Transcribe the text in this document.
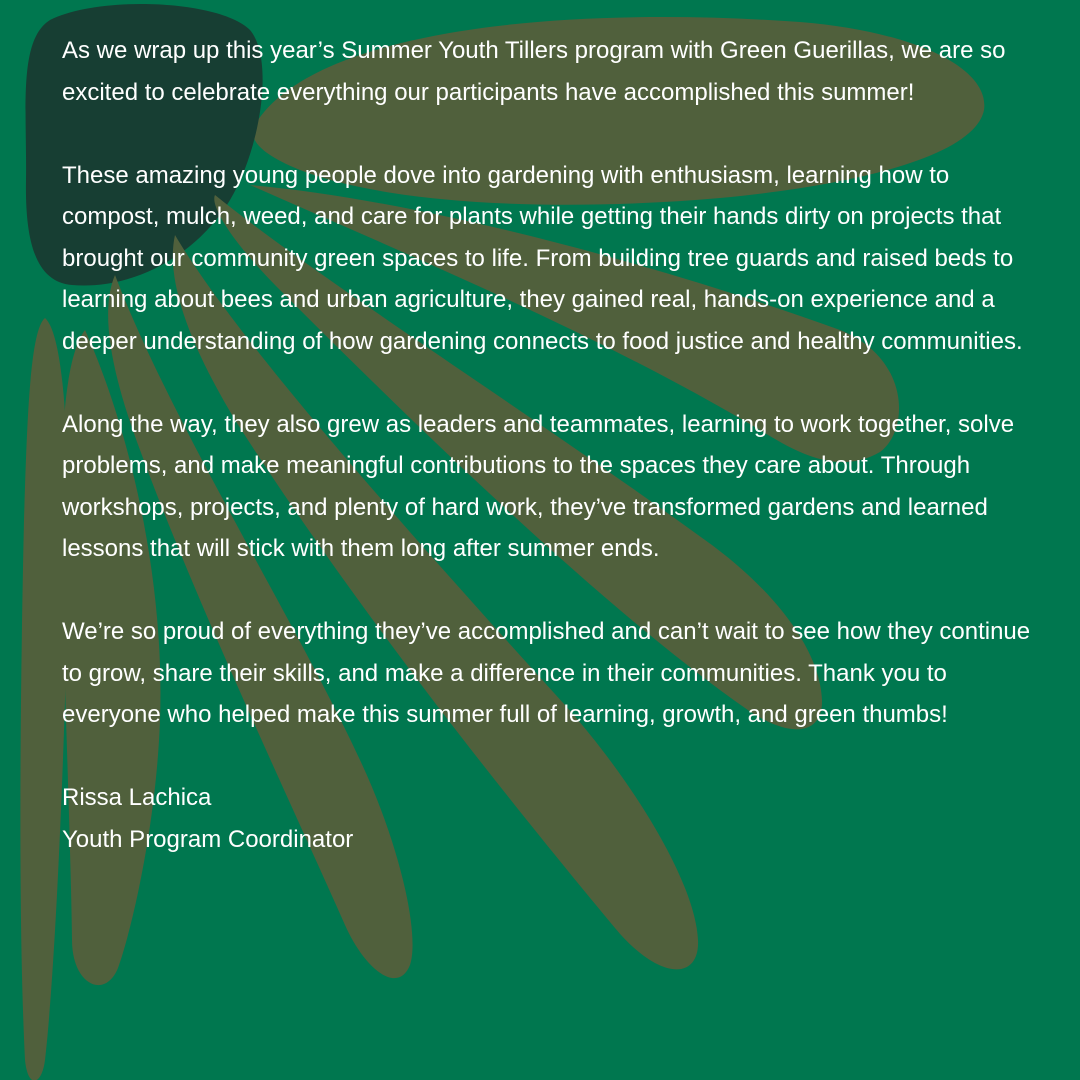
As we wrap up this year’s Summer Youth Tillers program with Green Guerillas, we are so excited to celebrate everything our participants have accomplished this summer!

These amazing young people dove into gardening with enthusiasm, learning how to compost, mulch, weed, and care for plants while getting their hands dirty on projects that brought our community green spaces to life. From building tree guards and raised beds to learning about bees and urban agriculture, they gained real, hands-on experience and a deeper understanding of how gardening connects to food justice and healthy communities.

Along the way, they also grew as leaders and teammates, learning to work together, solve problems, and make meaningful contributions to the spaces they care about. Through workshops, projects, and plenty of hard work, they’ve transformed gardens and learned lessons that will stick with them long after summer ends.

We’re so proud of everything they’ve accomplished and can’t wait to see how they continue to grow, share their skills, and make a difference in their communities. Thank you to everyone who helped make this summer full of learning, growth, and green thumbs!

Rissa Lachica
Youth Program Coordinator
